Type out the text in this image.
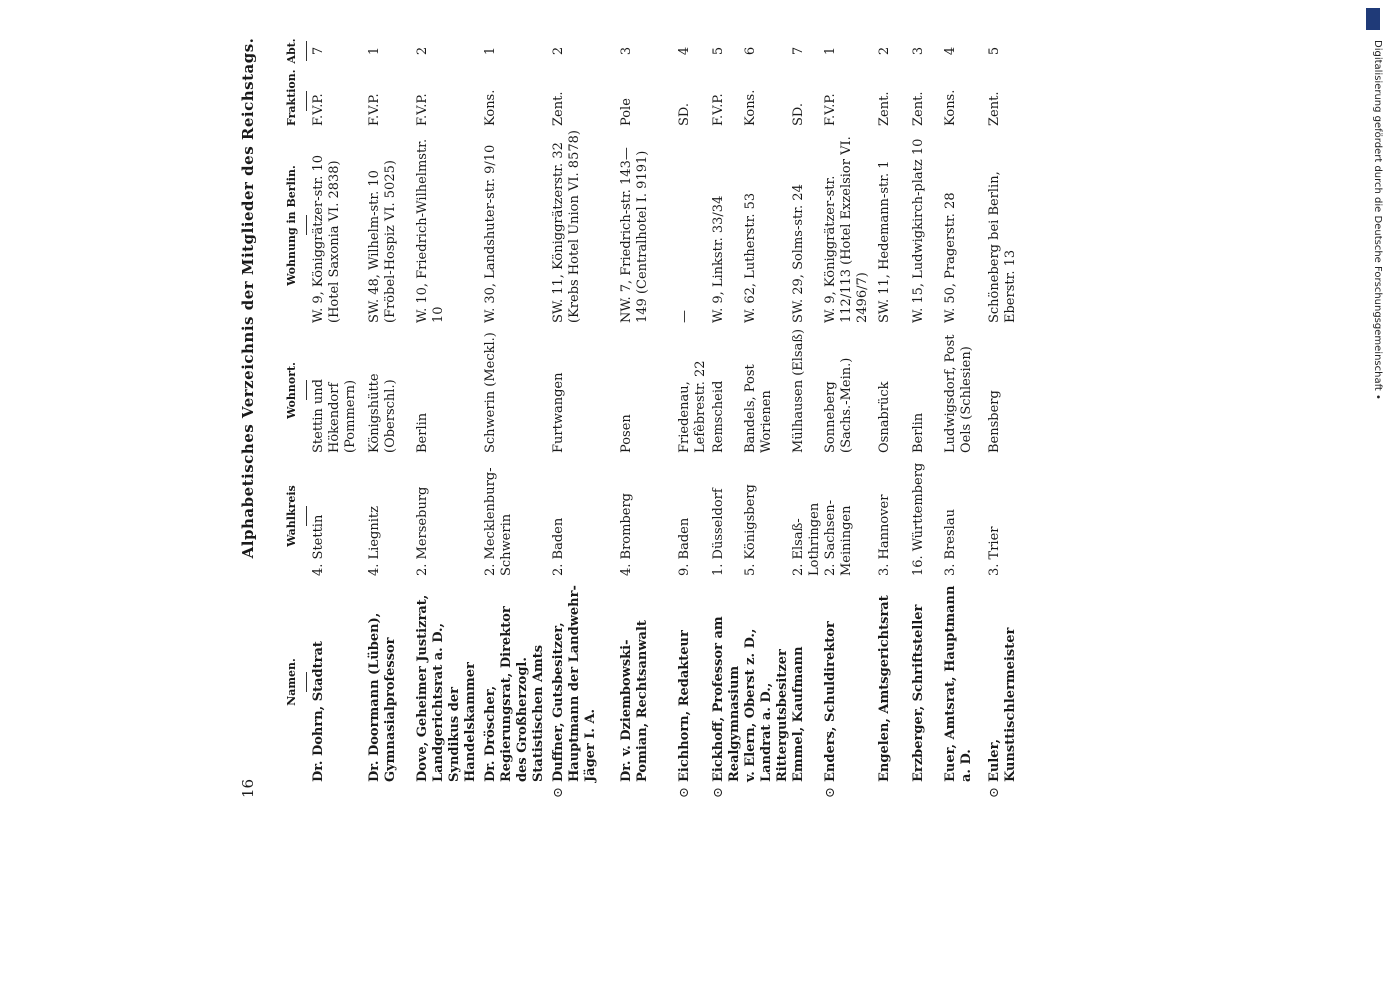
16
Alphabetisches Verzeichnis der Mitglieder des Reichstags.
Namen.
Wahlkreis
Wohnort.
Wohnung in Berlin.
Fraktion.
Abt.
Dr. Dohrn, Stadtrat
4. Stettin
Stettin und Hökendorf (Pommern)
W. 9, Königgrätzer-str. 10 (Hotel Saxonia VI. 2838)
F.V.P.
7
Dr. Doormann (Lüben), Gymnasialprofessor
4. Liegnitz
Königshütte (Oberschl.)
SW. 48, Wilhelm-str. 10 (Fröbel-Hospiz VI. 5025)
F.V.P.
1
Dove, Geheimer Justizrat, Landgerichtsrat a. D., Syndikus der Handelskammer
2. Merseburg
Berlin
W. 10, Friedrich-Wilhelmstr. 10
F.V.P.
2
Dr. Dröscher, Regierungsrat, Direktor des Großherzogl. Statistischen Amts
2. Mecklenburg-Schwerin
Schwerin (Meckl.)
W. 30, Landshuter-str. 9/10
Kons.
1
⊙
Duffner, Gutsbesitzer, Hauptmann der Landwehr-Jäger I. A.
2. Baden
Furtwangen
SW. 11, Königgrätzerstr. 32 (Krebs Hotel Union VI. 8578)
Zent.
2
Dr. v. Dziembowski-Pomian, Rechtsanwalt
4. Bromberg
Posen
NW. 7, Friedrich-str. 143—149 (Centralhotel I. 9191)
Pole
3
⊙
Eichhorn, Redakteur
9. Baden
Friedenau, Lefèbrestr. 22
—
SD.
4
⊙
Eickhoff, Professor am Realgymnasium
1. Düsseldorf
Remscheid
W. 9, Linkstr. 33/34
F.V.P.
5
v. Elern, Oberst z. D., Landrat a. D., Rittergutsbesitzer
5. Königsberg
Bandels, Post Worienen
W. 62, Lutherstr. 53
Kons.
6
Emmel, Kaufmann
2. Elsaß-Lothringen
Mülhausen (Elsaß)
SW. 29, Solms-str. 24
SD.
7
⊙
Enders, Schuldirektor
2. Sachsen-Meiningen
Sonneberg (Sachs.-Mein.)
W. 9, Königgrätzer-str. 112/113 (Hotel Exzelsior VI. 2496/7)
F.V.P.
1
Engelen, Amtsgerichtsrat
3. Hannover
Osnabrück
SW. 11, Hedemann-str. 1
Zent.
2
Erzberger, Schriftsteller
16. Württemberg
Berlin
W. 15, Ludwigkirch-platz 10
Zent.
3
Euer, Amtsrat, Hauptmann a. D.
3. Breslau
Ludwigsdorf, Post Oels (Schlesien)
W. 50, Pragerstr. 28
Kons.
4
⊙
Euler, Kunsttischlermeister
3. Trier
Bensberg
Schöneberg bei Berlin, Eberstr. 13
Zent.
5	Digitalisierung gefördert durch die Deutsche Forschungsgemeinschaft •
